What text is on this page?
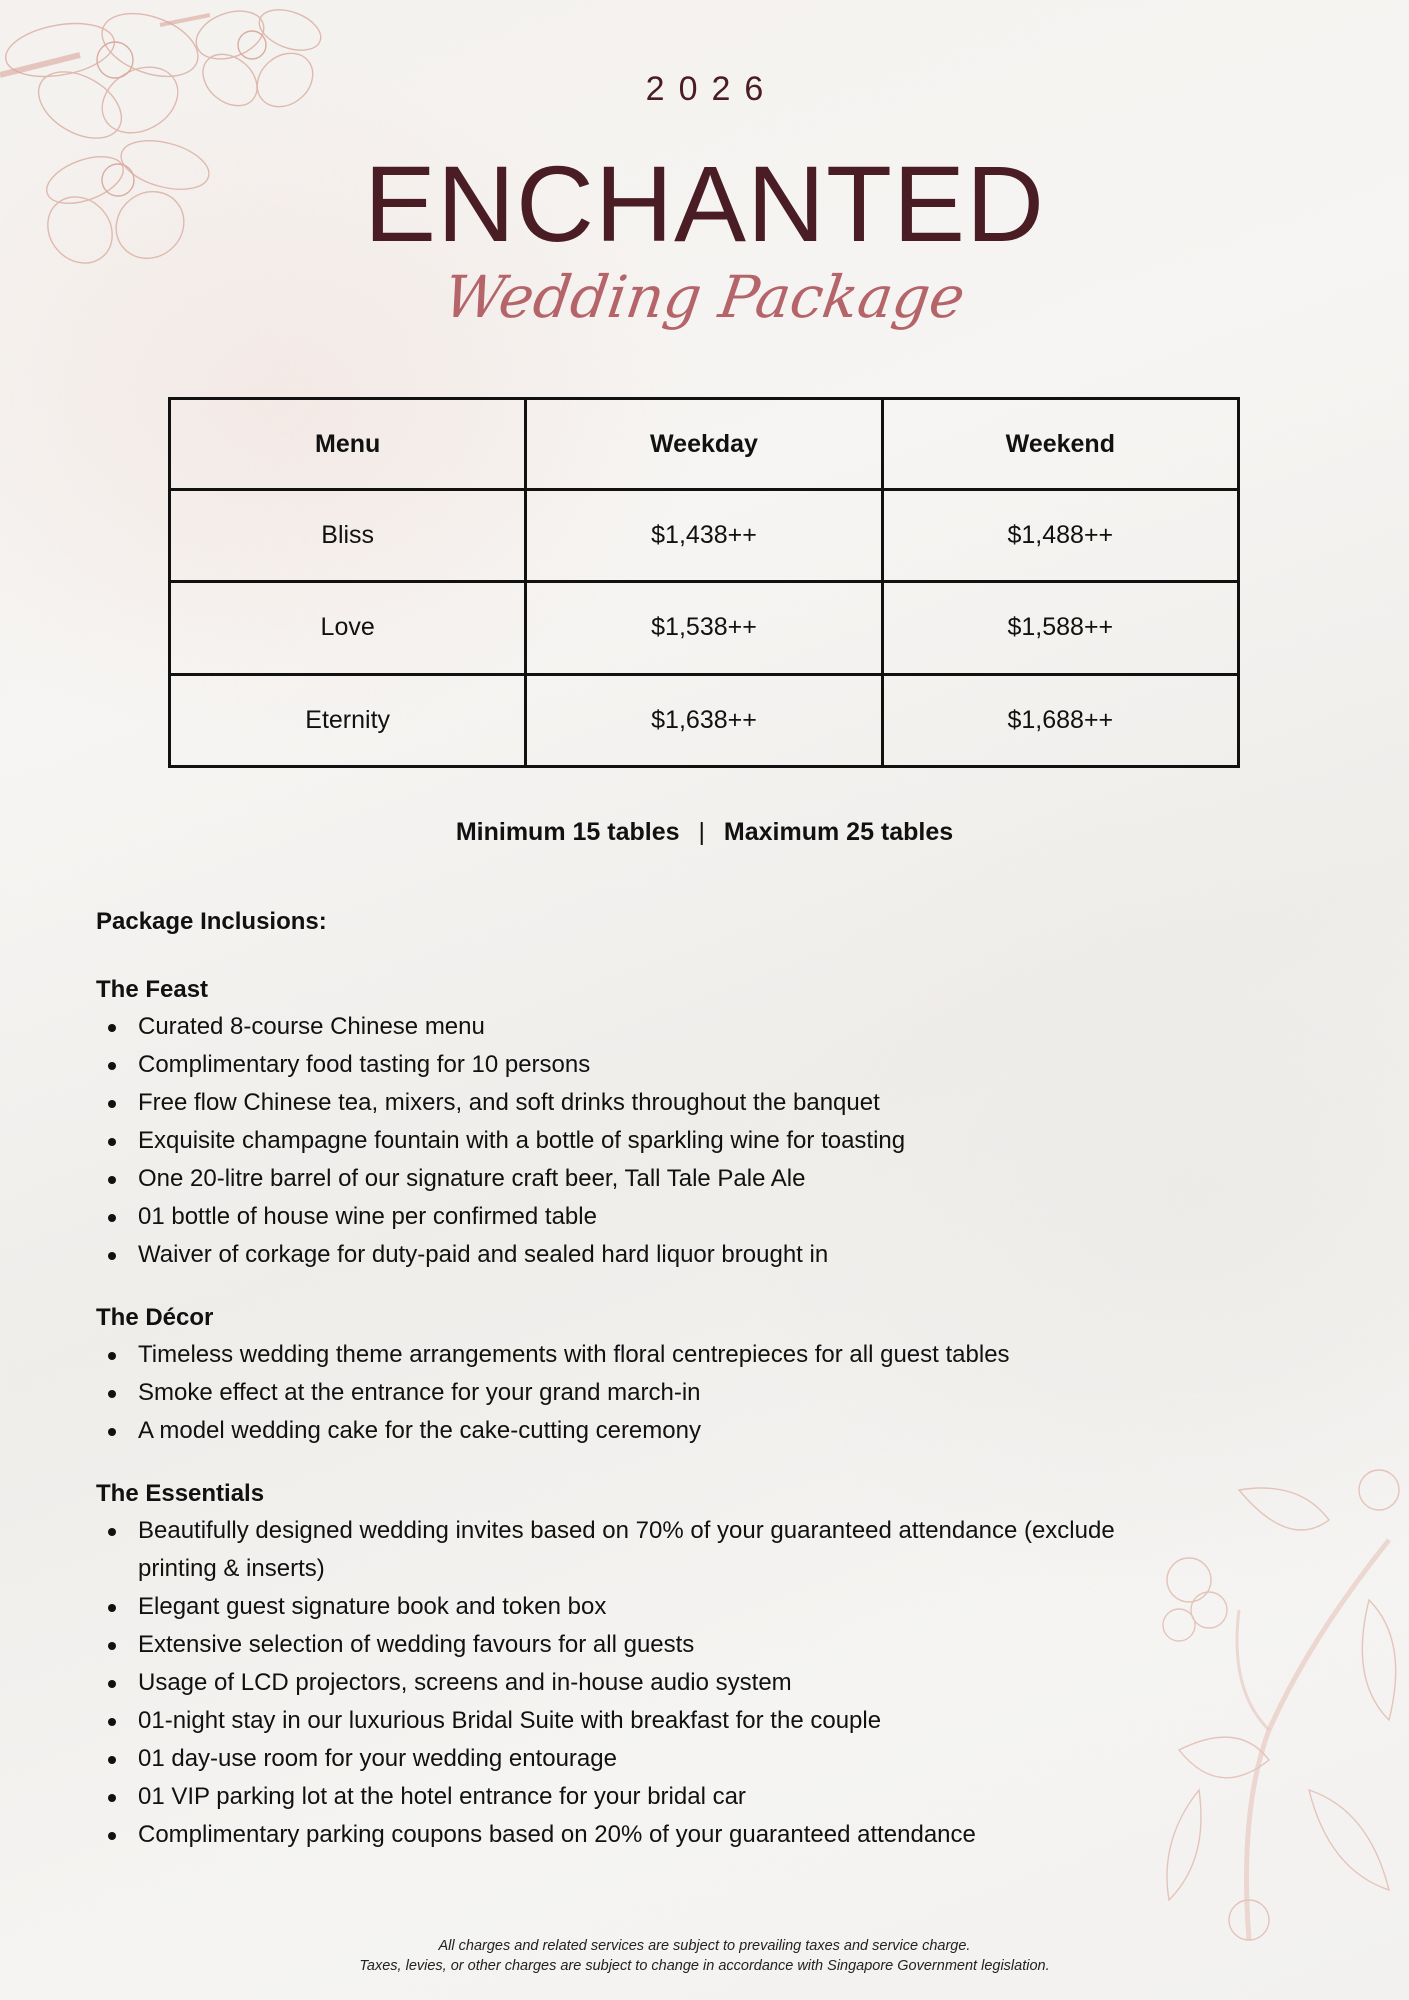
2026
ENCHANTED
Wedding Package
Menu	Weekday	Weekend
Bliss	$1,438++	$1,488++
Love	$1,538++	$1,588++
Eternity	$1,638++	$1,688++
Minimum 15 tables | Maximum 25 tables
Package Inclusions:
The Feast
Curated 8-course Chinese menu
Complimentary food tasting for 10 persons
Free flow Chinese tea, mixers, and soft drinks throughout the banquet
Exquisite champagne fountain with a bottle of sparkling wine for toasting
One 20-litre barrel of our signature craft beer, Tall Tale Pale Ale
01 bottle of house wine per confirmed table
Waiver of corkage for duty-paid and sealed hard liquor brought in
The Décor
Timeless wedding theme arrangements with floral centrepieces for all guest tables
Smoke effect at the entrance for your grand march-in
A model wedding cake for the cake-cutting ceremony
The Essentials
Beautifully designed wedding invites based on 70% of your guaranteed attendance (exclude printing & inserts)
Elegant guest signature book and token box
Extensive selection of wedding favours for all guests
Usage of LCD projectors, screens and in-house audio system
01-night stay in our luxurious Bridal Suite with breakfast for the couple
01 day-use room for your wedding entourage
01 VIP parking lot at the hotel entrance for your bridal car
Complimentary parking coupons based on 20% of your guaranteed attendance
All charges and related services are subject to prevailing taxes and service charge.
Taxes, levies, or other charges are subject to change in accordance with Singapore Government legislation.
